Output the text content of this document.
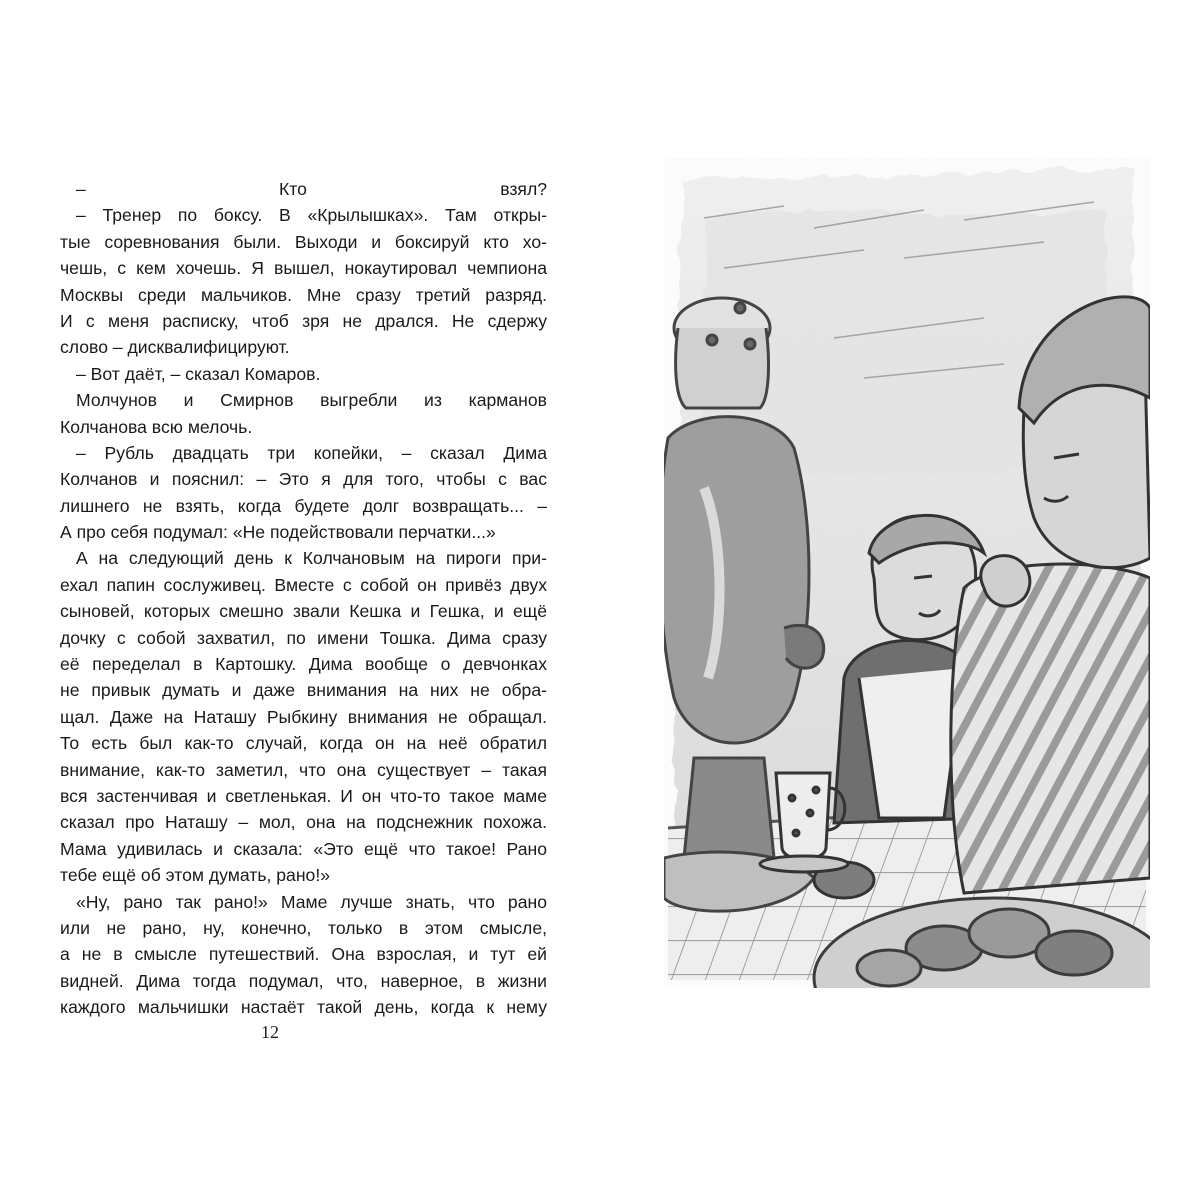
– Кто взял?
– Тренер по боксу. В «Крылышках». Там откры-
тые соревнования были. Выходи и боксируй кто хо-
чешь, с кем хочешь. Я вышел, нокаутировал чемпиона
Москвы среди мальчиков. Мне сразу третий разряд.
И с меня расписку, чтоб зря не дрался. Не сдержу
слово – дисквалифицируют.
– Вот даёт, – сказал Комаров.
Молчунов и Смирнов выгребли из карманов
Колчанова всю мелочь.
– Рубль двадцать три копейки, – сказал Дима
Колчанов и пояснил: – Это я для того, чтобы с вас
лишнего не взять, когда будете долг возвращать... –
А про себя подумал: «Не подействовали перчатки...»
А на следующий день к Колчановым на пироги при-
ехал папин сослуживец. Вместе с собой он привёз двух
сыновей, которых смешно звали Кешка и Гешка, и ещё
дочку с собой захватил, по имени Тошка. Дима сразу
её переделал в Картошку. Дима вообще о девчонках
не привык думать и даже внимания на них не обра-
щал. Даже на Наташу Рыбкину внимания не обращал.
То есть был как-то случай, когда он на неё обратил
внимание, как-то заметил, что она существует – такая
вся застенчивая и светленькая. И он что-то такое маме
сказал про Наташу – мол, она на подснежник похожа.
Мама удивилась и сказала: «Это ещё что такое! Рано
тебе ещё об этом думать, рано!»
«Ну, рано так рано!» Маме лучше знать, что рано
или не рано, ну, конечно, только в этом смысле,
а не в смысле путешествий. Она взрослая, и тут ей
видней. Дима тогда подумал, что, наверное, в жизни
каждого мальчишки настаёт такой день, когда к нему
12
